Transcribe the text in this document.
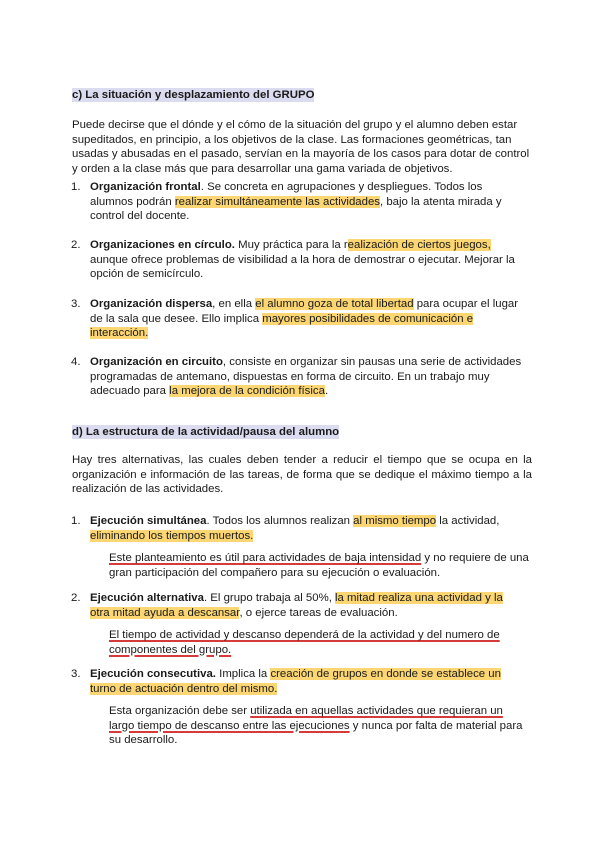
c) La situación y desplazamiento del GRUPO

Puede decirse que el dónde y el cómo de la situación del grupo y el alumno deben estar supeditados, en principio, a los objetivos de la clase. Las formaciones geométricas, tan usadas y abusadas en el pasado, servían en la mayoría de los casos para dotar de control y orden a la clase más que para desarrollar una gama variada de objetivos.

1. Organización frontal. Se concreta en agrupaciones y despliegues. Todos los alumnos podrán realizar simultáneamente las actividades, bajo la atenta mirada y control del docente.
2. Organizaciones en círculo. Muy práctica para la realización de ciertos juegos, aunque ofrece problemas de visibilidad a la hora de demostrar o ejecutar. Mejorar la opción de semicírculo.
3. Organización dispersa, en ella el alumno goza de total libertad para ocupar el lugar de la sala que desee. Ello implica mayores posibilidades de comunicación e interacción.
4. Organización en circuito, consiste en organizar sin pausas una serie de actividades programadas de antemano, dispuestas en forma de circuito. En un trabajo muy adecuado para la mejora de la condición física.
d) La estructura de la actividad/pausa del alumno

Hay tres alternativas, las cuales deben tender a reducir el tiempo que se ocupa en la organización e información de las tareas, de forma que se dedique el máximo tiempo a la realización de las actividades.

1. Ejecución simultánea. Todos los alumnos realizan al mismo tiempo la actividad, eliminando los tiempos muertos.
Este planteamiento es útil para actividades de baja intensidad y no requiere de una gran participación del compañero para su ejecución o evaluación.
2. Ejecución alternativa. El grupo trabaja al 50%, la mitad realiza una actividad y la otra mitad ayuda a descansar, o ejerce tareas de evaluación.
El tiempo de actividad y descanso dependerá de la actividad y del numero de componentes del grupo.
3. Ejecución consecutiva. Implica la creación de grupos en donde se establece un turno de actuación dentro del mismo.
Esta organización debe ser utilizada en aquellas actividades que requieran un largo tiempo de descanso entre las ejecuciones y nunca por falta de material para su desarrollo.
